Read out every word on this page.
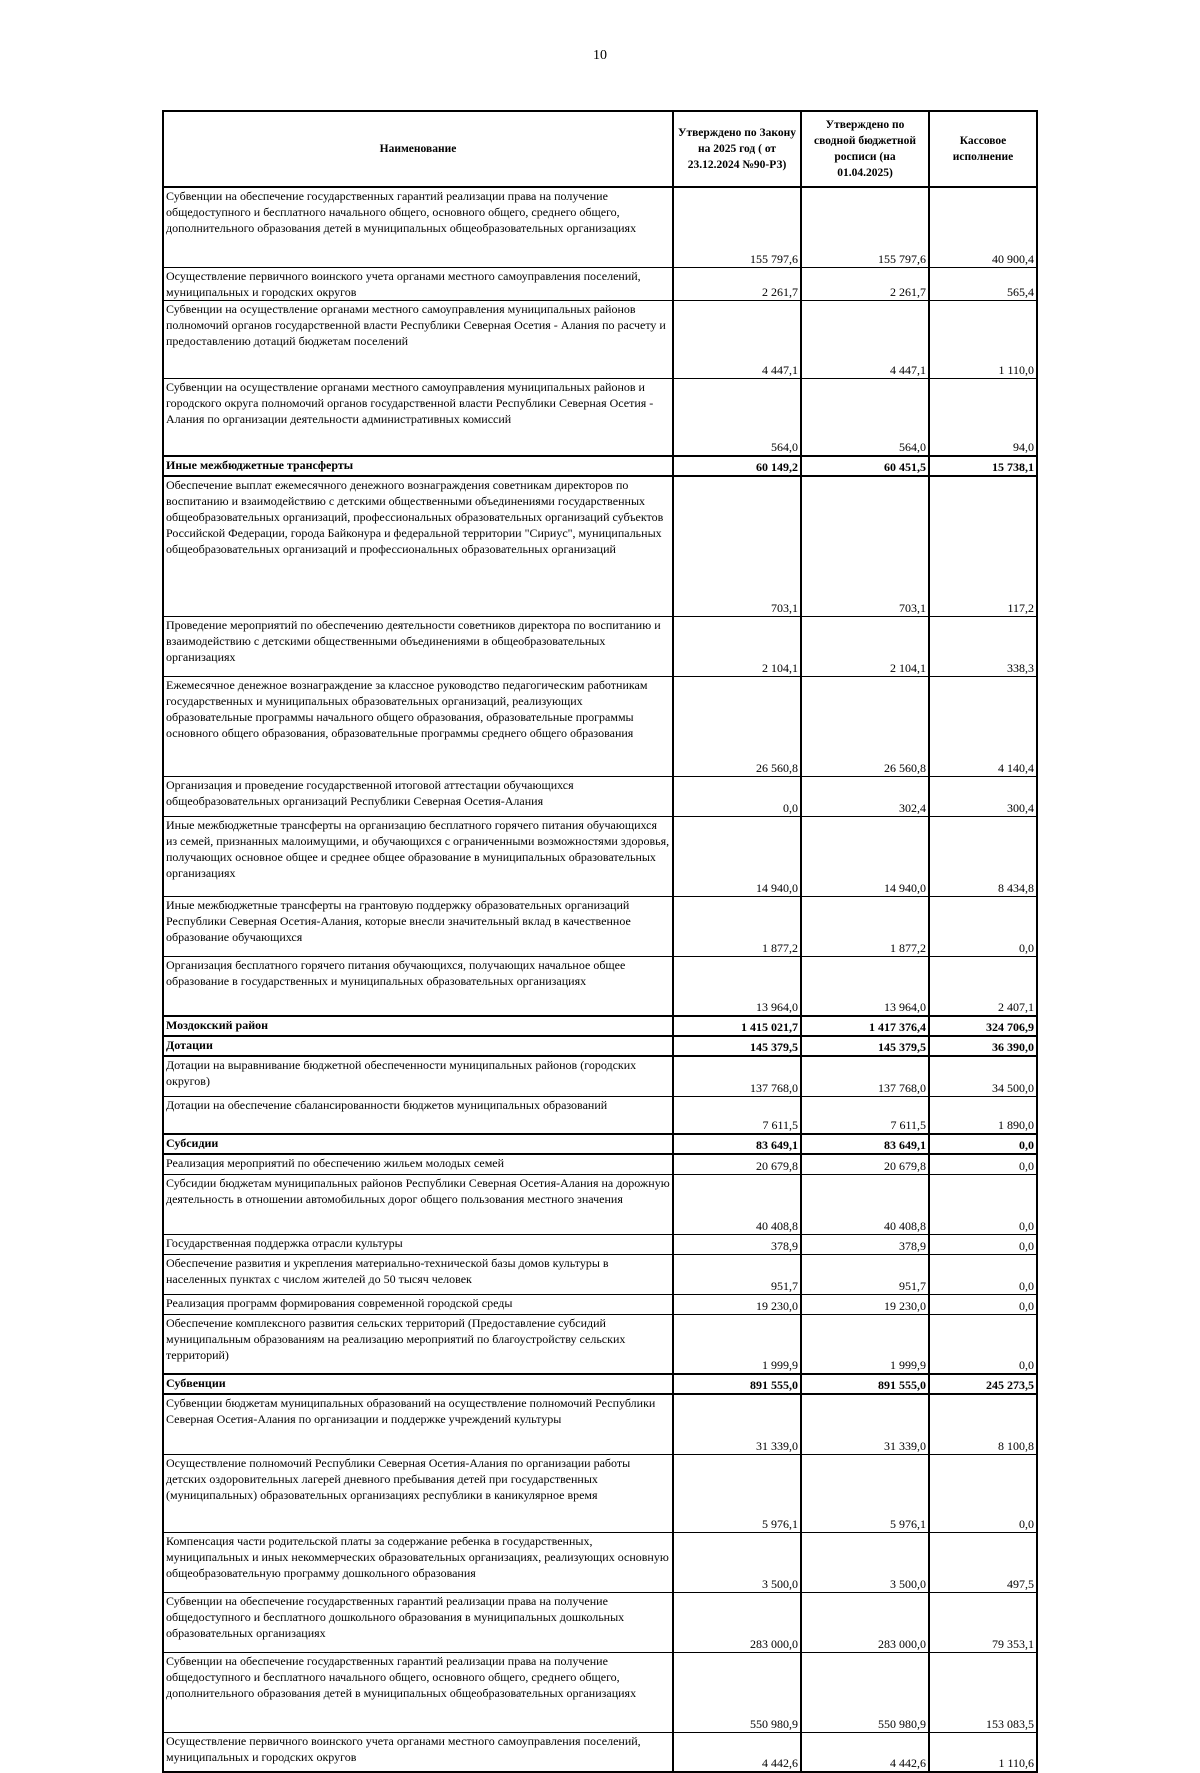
10
Наименование	Утверждено по Закону на 2025 год ( от 23.12.2024 №90-РЗ)	Утверждено по сводной бюджетной росписи (на 01.04.2025)	Кассовое исполнение
Субвенции на обеспечение государственных гарантий реализации права на получение общедоступного и бесплатного начального общего, основного общего, среднего общего, дополнительного образования детей в муниципальных общеобразовательных организациях	155 797,6	155 797,6	40 900,4
Осуществление первичного воинского учета органами местного самоуправления поселений, муниципальных и городских округов	2 261,7	2 261,7	565,4
Субвенции на осуществление органами местного самоуправления муниципальных районов полномочий органов государственной власти Республики Северная Осетия - Алания по расчету и предоставлению дотаций бюджетам поселений	4 447,1	4 447,1	1 110,0
Субвенции на осуществление органами местного самоуправления муниципальных районов и городского округа полномочий органов государственной власти Республики Северная Осетия - Алания по организации деятельности административных комиссий	564,0	564,0	94,0
Иные межбюджетные трансферты	60 149,2	60 451,5	15 738,1
Обеспечение выплат ежемесячного денежного вознаграждения советникам директоров по воспитанию и взаимодействию с детскими общественными объединениями государственных общеобразовательных организаций, профессиональных образовательных организаций субъектов Российской Федерации, города Байконура и федеральной территории "Сириус", муниципальных общеобразовательных организаций и профессиональных образовательных организаций	703,1	703,1	117,2
Проведение мероприятий по обеспечению деятельности советников директора по воспитанию и взаимодействию с детскими общественными объединениями в общеобразовательных организациях	2 104,1	2 104,1	338,3
Ежемесячное денежное вознаграждение за классное руководство педагогическим работникам государственных и муниципальных образовательных организаций, реализующих образовательные программы начального общего образования, образовательные программы основного общего образования, образовательные программы среднего общего образования	26 560,8	26 560,8	4 140,4
Организация и проведение государственной итоговой аттестации обучающихся общеобразовательных организаций Республики Северная Осетия-Алания	0,0	302,4	300,4
Иные межбюджетные трансферты на организацию бесплатного горячего питания обучающихся из семей, признанных малоимущими, и обучающихся с ограниченными возможностями здоровья, получающих основное общее и среднее общее образование в муниципальных образовательных организациях	14 940,0	14 940,0	8 434,8
Иные межбюджетные трансферты на грантовую поддержку образовательных организаций Республики Северная Осетия-Алания, которые внесли значительный вклад в качественное образование обучающихся	1 877,2	1 877,2	0,0
Организация бесплатного горячего питания обучающихся, получающих начальное общее образование в государственных и муниципальных образовательных организациях	13 964,0	13 964,0	2 407,1
Моздокский район	1 415 021,7	1 417 376,4	324 706,9
Дотации	145 379,5	145 379,5	36 390,0
Дотации на выравнивание бюджетной обеспеченности муниципальных районов (городских округов)	137 768,0	137 768,0	34 500,0
Дотации на обеспечение сбалансированности бюджетов муниципальных образований	7 611,5	7 611,5	1 890,0
Субсидии	83 649,1	83 649,1	0,0
Реализация мероприятий по обеспечению жильем молодых семей	20 679,8	20 679,8	0,0
Субсидии бюджетам муниципальных районов Республики Северная Осетия-Алания на дорожную деятельность в отношении автомобильных дорог общего пользования местного значения	40 408,8	40 408,8	0,0
Государственная поддержка отрасли культуры	378,9	378,9	0,0
Обеспечение развития и укрепления материально-технической базы домов культуры в населенных пунктах с числом жителей до 50 тысяч человек	951,7	951,7	0,0
Реализация программ формирования современной городской среды	19 230,0	19 230,0	0,0
Обеспечение комплексного развития сельских территорий (Предоставление субсидий муниципальным образованиям на реализацию мероприятий по благоустройству сельских территорий)	1 999,9	1 999,9	0,0
Субвенции	891 555,0	891 555,0	245 273,5
Субвенции бюджетам муниципальных образований на осуществление полномочий Республики Северная Осетия-Алания по организации и поддержке учреждений культуры	31 339,0	31 339,0	8 100,8
Осуществление полномочий Республики Северная Осетия-Алания по организации работы детских оздоровительных лагерей дневного пребывания детей при государственных (муниципальных) образовательных организациях республики в каникулярное время	5 976,1	5 976,1	0,0
Компенсация части родительской платы за содержание ребенка в государственных, муниципальных и иных некоммерческих образовательных организациях, реализующих основную общеобразовательную программу дошкольного образования	3 500,0	3 500,0	497,5
Субвенции на обеспечение государственных гарантий реализации права на получение общедоступного и бесплатного дошкольного образования в муниципальных дошкольных образовательных организациях	283 000,0	283 000,0	79 353,1
Субвенции на обеспечение государственных гарантий реализации права на получение общедоступного и бесплатного начального общего, основного общего, среднего общего, дополнительного образования детей в муниципальных общеобразовательных организациях	550 980,9	550 980,9	153 083,5
Осуществление первичного воинского учета органами местного самоуправления поселений, муниципальных и городских округов	4 442,6	4 442,6	1 110,6
